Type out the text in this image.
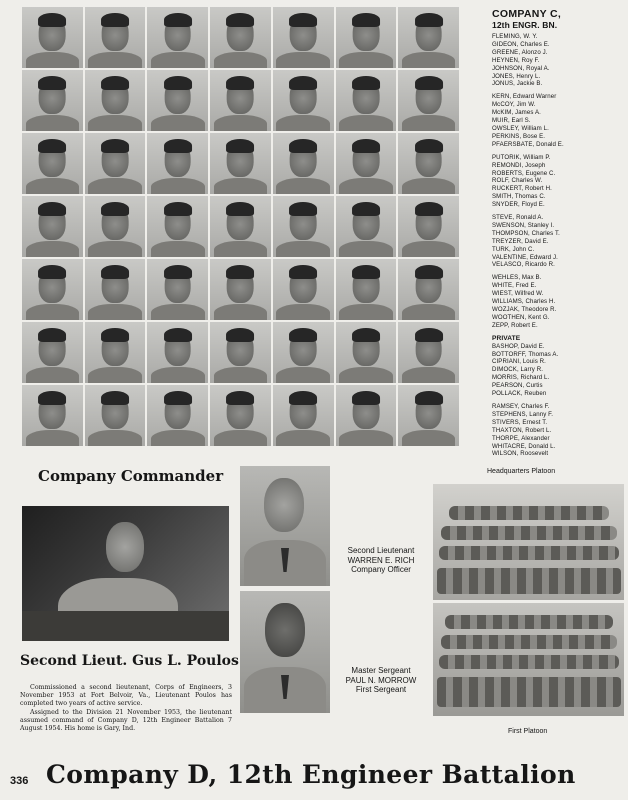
COMPANY C,
12th ENGR. BN.
FLEMING, W. Y.
GIDEON, Charles E.
GREENE, Alonzo J.
HEYNEN, Roy F.
JOHNSON, Royal A.
JONES, Henry L.
JONUS, Jackie B.
KERN, Edward Warner
McCOY, Jim W.
McKIM, James A.
MUIR, Earl S.
OWSLEY, William L.
PERKINS, Bose E.
PFAERSBATE, Donald E.
PUTORIK, William P.
REMONDI, Joseph
ROBERTS, Eugene C.
ROLF, Charles W.
RUCKERT, Robert H.
SMITH, Thomas C.
SNYDER, Floyd E.
STEVE, Ronald A.
SWENSON, Stanley I.
THOMPSON, Charles T.
TREYZER, David E.
TURK, John C.
VALENTINE, Edward J.
VELASCO, Ricardo R.
WEHLES, Max B.
WHITE, Fred E.
WIEST, Wilfred W.
WILLIAMS, Charles H.
WOZJAK, Theodore R.
WOOTHEN, Kent G.
ZEPP, Robert E.
PRIVATE
BASHOP, David E.
BOTTORFF, Thomas A.
CIPRIANI, Louis R.
DIMOCK, Larry R.
MORRIS, Richard L.
PEARSON, Curtis
POLLACK, Reuben
RAMSEY, Charles F.
STEPHENS, Lanny F.
STIVERS, Ernest T.
THAXTON, Robert L.
THORPE, Alexander
WHITACRE, Donald L.
WILSON, Roosevelt
Company Commander
Second Lieut. Gus L. Poulos

Commissioned a second lieutenant, Corps of Engineers, 3 November 1953 at Fort Belvoir, Va., Lieutenant Poulos has completed two years of active service.

Assigned to the Division 21 November 1953, the lieutenant assumed command of Company D, 12th Engineer Battalion 7 August 1954. His home is Gary, Ind.

Second Lieutenant
WARREN E. RICH
Company Officer
Master Sergeant
PAUL N. MORROW
First Sergeant
Headquarters Platoon
First Platoon
336 Company D, 12th Engineer Battalion
